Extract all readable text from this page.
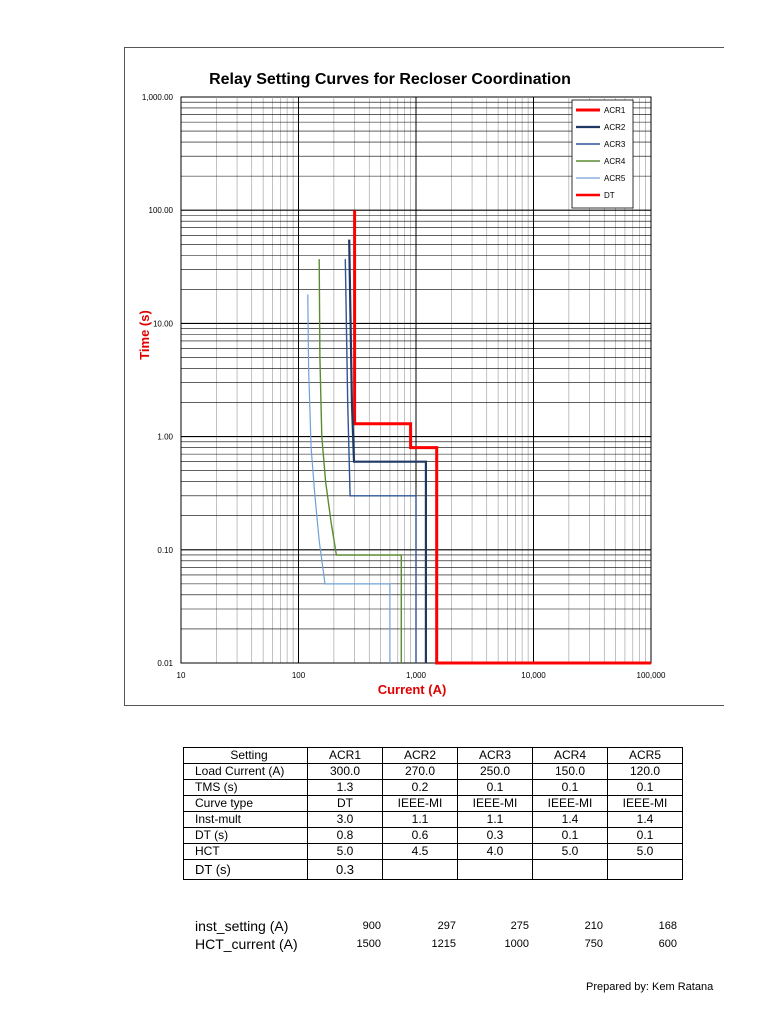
Relay Setting Curves for Recloser Coordination
10	100	1,000	10,000	100,000
0.01
0.10
1.00
10.00
100.00
1,000.00
ACR1
ACR2
ACR3
ACR4
ACR5
DT
Time (s)
Current (A)
Setting	ACR1	ACR2	ACR3	ACR4	ACR5
Load Current (A)	300.0	270.0	250.0	150.0	120.0
TMS (s)	1.3	0.2	0.1	0.1	0.1
Curve type	DT	IEEE-MI	IEEE-MI	IEEE-MI	IEEE-MI
Inst-mult	3.0	1.1	1.1	1.4	1.4
DT (s)	0.8	0.6	0.3	0.1	0.1
HCT	5.0	4.5	4.0	5.0	5.0
DT (s)	0.3				
inst_setting (A)	900	297	275	210	168
HCT_current (A)	1500	1215	1000	750	600
Prepared by: Kem Ratana
